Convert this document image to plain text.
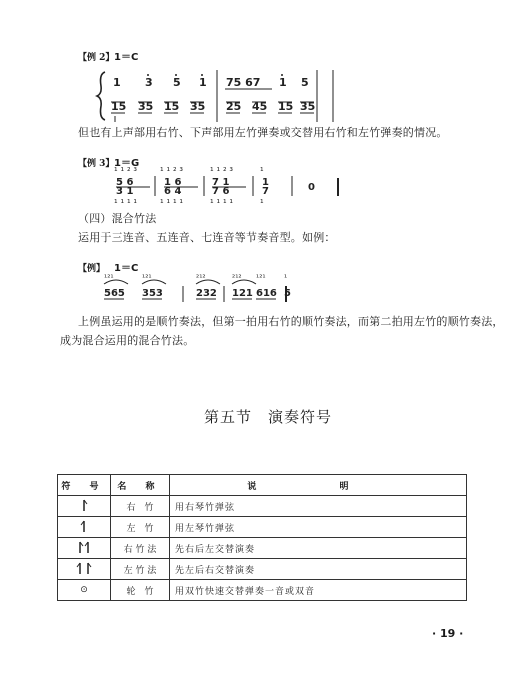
【例 2】 1＝C
1 3 5 1 75 67 1 5
15 35 15 35 25 45 15 35
但也有上声部用右竹、下声部用左竹弹奏或交替用右竹和左竹弹奏的情况。
【例 3】 1＝G
¹ ¹ ² ³	¹ ¹ ² ³	¹ ¹ ² ³	¹
5 6
3 1
1 6
6 4
7 1
7 6
1
7	0
¹ ¹ ¹ ¹	¹ ¹ ¹ ¹	¹ ¹ ¹ ¹	¹
（四）混合竹法
运用于三连音、五连音、七连音等节奏音型。如例：
【例】 1＝C
¹²¹	¹²¹	²¹²	²¹² ¹²¹ ¹
565 353	232 121 616 5
上例虽运用的是顺竹奏法，但第一拍用右竹的顺竹奏法，而第二拍用左竹的顺竹奏法，
成为混合运用的混合竹法。
第五节　演奏符号
符 号	名 称	说 明
	右　竹	用右琴竹弹弦
	左　竹	用左琴竹弹弦
	右 竹 法	先右后左交替演奏
	左 竹 法	先左后右交替演奏
⊙	轮　竹	用双竹快速交替弹奏一音或双音
· 19 ·
